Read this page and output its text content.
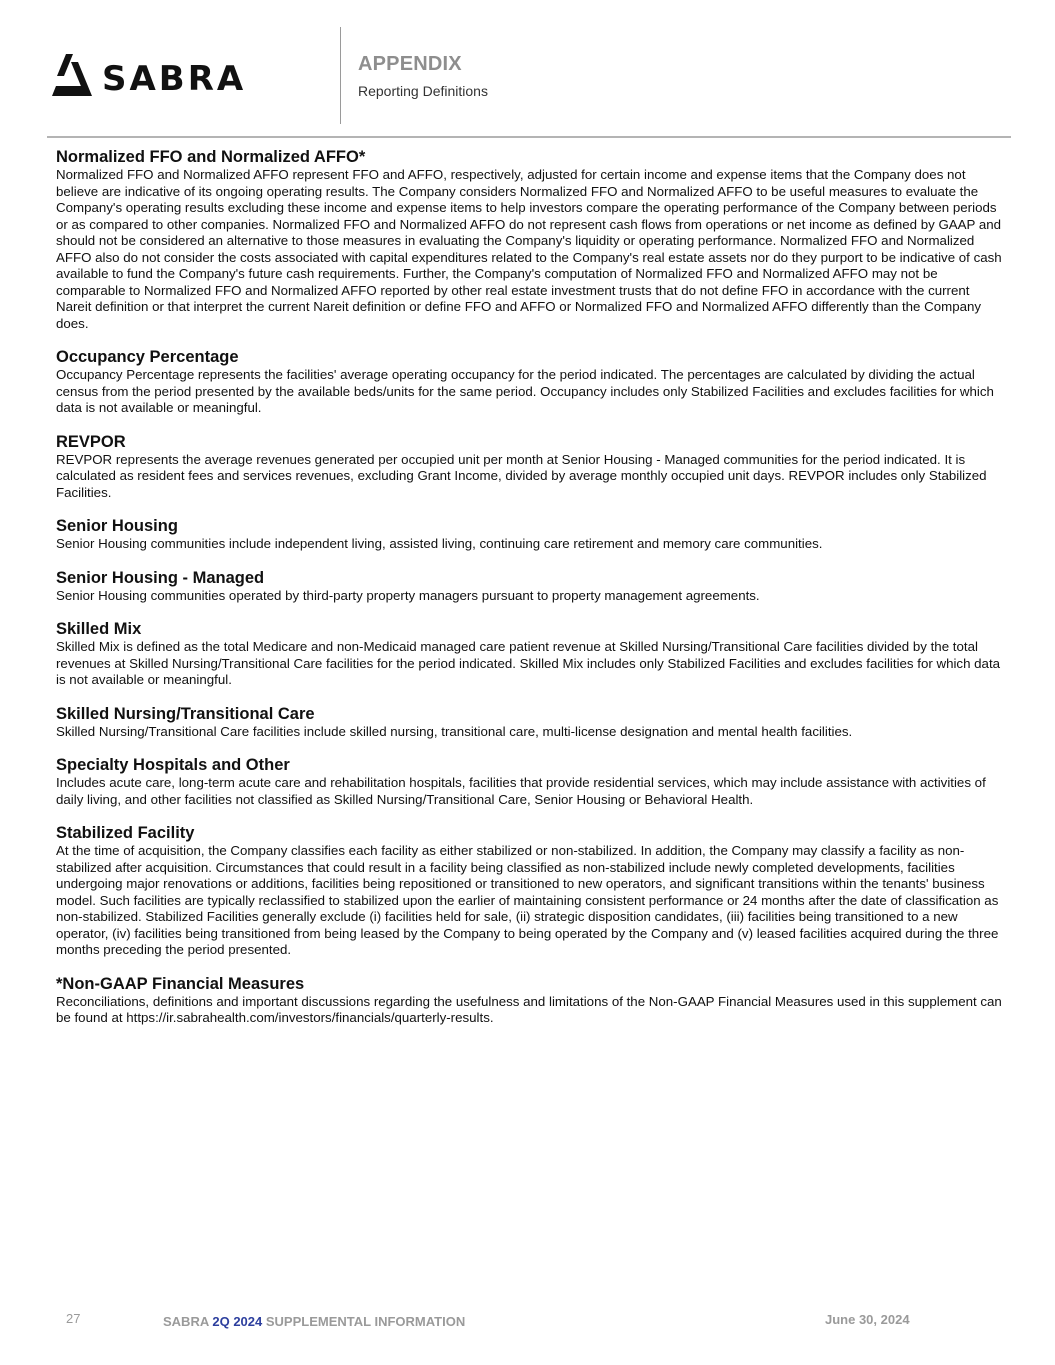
SABRA	APPENDIX
Reporting Definitions
Normalized FFO and Normalized AFFO*

Normalized FFO and Normalized AFFO represent FFO and AFFO, respectively, adjusted for certain income and expense items that the Company does not believe are indicative of its ongoing operating results. The Company considers Normalized FFO and Normalized AFFO to be useful measures to evaluate the Company's operating results excluding these income and expense items to help investors compare the operating performance of the Company between periods or as compared to other companies. Normalized FFO and Normalized AFFO do not represent cash flows from operations or net income as defined by GAAP and should not be considered an alternative to those measures in evaluating the Company's liquidity or operating performance. Normalized FFO and Normalized AFFO also do not consider the costs associated with capital expenditures related to the Company's real estate assets nor do they purport to be indicative of cash available to fund the Company's future cash requirements. Further, the Company's computation of Normalized FFO and Normalized AFFO may not be comparable to Normalized FFO and Normalized AFFO reported by other real estate investment trusts that do not define FFO in accordance with the current Nareit definition or that interpret the current Nareit definition or define FFO and AFFO or Normalized FFO and Normalized AFFO differently than the Company does.

Occupancy Percentage

Occupancy Percentage represents the facilities' average operating occupancy for the period indicated. The percentages are calculated by dividing the actual census from the period presented by the available beds/units for the same period. Occupancy includes only Stabilized Facilities and excludes facilities for which data is not available or meaningful.

REVPOR

REVPOR represents the average revenues generated per occupied unit per month at Senior Housing - Managed communities for the period indicated. It is calculated as resident fees and services revenues, excluding Grant Income, divided by average monthly occupied unit days. REVPOR includes only Stabilized Facilities.

Senior Housing

Senior Housing communities include independent living, assisted living, continuing care retirement and memory care communities.

Senior Housing - Managed

Senior Housing communities operated by third-party property managers pursuant to property management agreements.

Skilled Mix

Skilled Mix is defined as the total Medicare and non-Medicaid managed care patient revenue at Skilled Nursing/Transitional Care facilities divided by the total revenues at Skilled Nursing/Transitional Care facilities for the period indicated. Skilled Mix includes only Stabilized Facilities and excludes facilities for which data is not available or meaningful.

Skilled Nursing/Transitional Care

Skilled Nursing/Transitional Care facilities include skilled nursing, transitional care, multi-license designation and mental health facilities.

Specialty Hospitals and Other

Includes acute care, long-term acute care and rehabilitation hospitals, facilities that provide residential services, which may include assistance with activities of daily living, and other facilities not classified as Skilled Nursing/Transitional Care, Senior Housing or Behavioral Health.

Stabilized Facility

At the time of acquisition, the Company classifies each facility as either stabilized or non-stabilized. In addition, the Company may classify a facility as non-stabilized after acquisition. Circumstances that could result in a facility being classified as non-stabilized include newly completed developments, facilities undergoing major renovations or additions, facilities being repositioned or transitioned to new operators, and significant transitions within the tenants' business model. Such facilities are typically reclassified to stabilized upon the earlier of maintaining consistent performance or 24 months after the date of classification as non-stabilized. Stabilized Facilities generally exclude (i) facilities held for sale, (ii) strategic disposition candidates, (iii) facilities being transitioned to a new operator, (iv) facilities being transitioned from being leased by the Company to being operated by the Company and (v) leased facilities acquired during the three months preceding the period presented.

*Non-GAAP Financial Measures

Reconciliations, definitions and important discussions regarding the usefulness and limitations of the Non-GAAP Financial Measures used in this supplement can be found at https://ir.sabrahealth.com/investors/financials/quarterly-results.

27	SABRA 2Q 2024 SUPPLEMENTAL INFORMATION	June 30, 2024
